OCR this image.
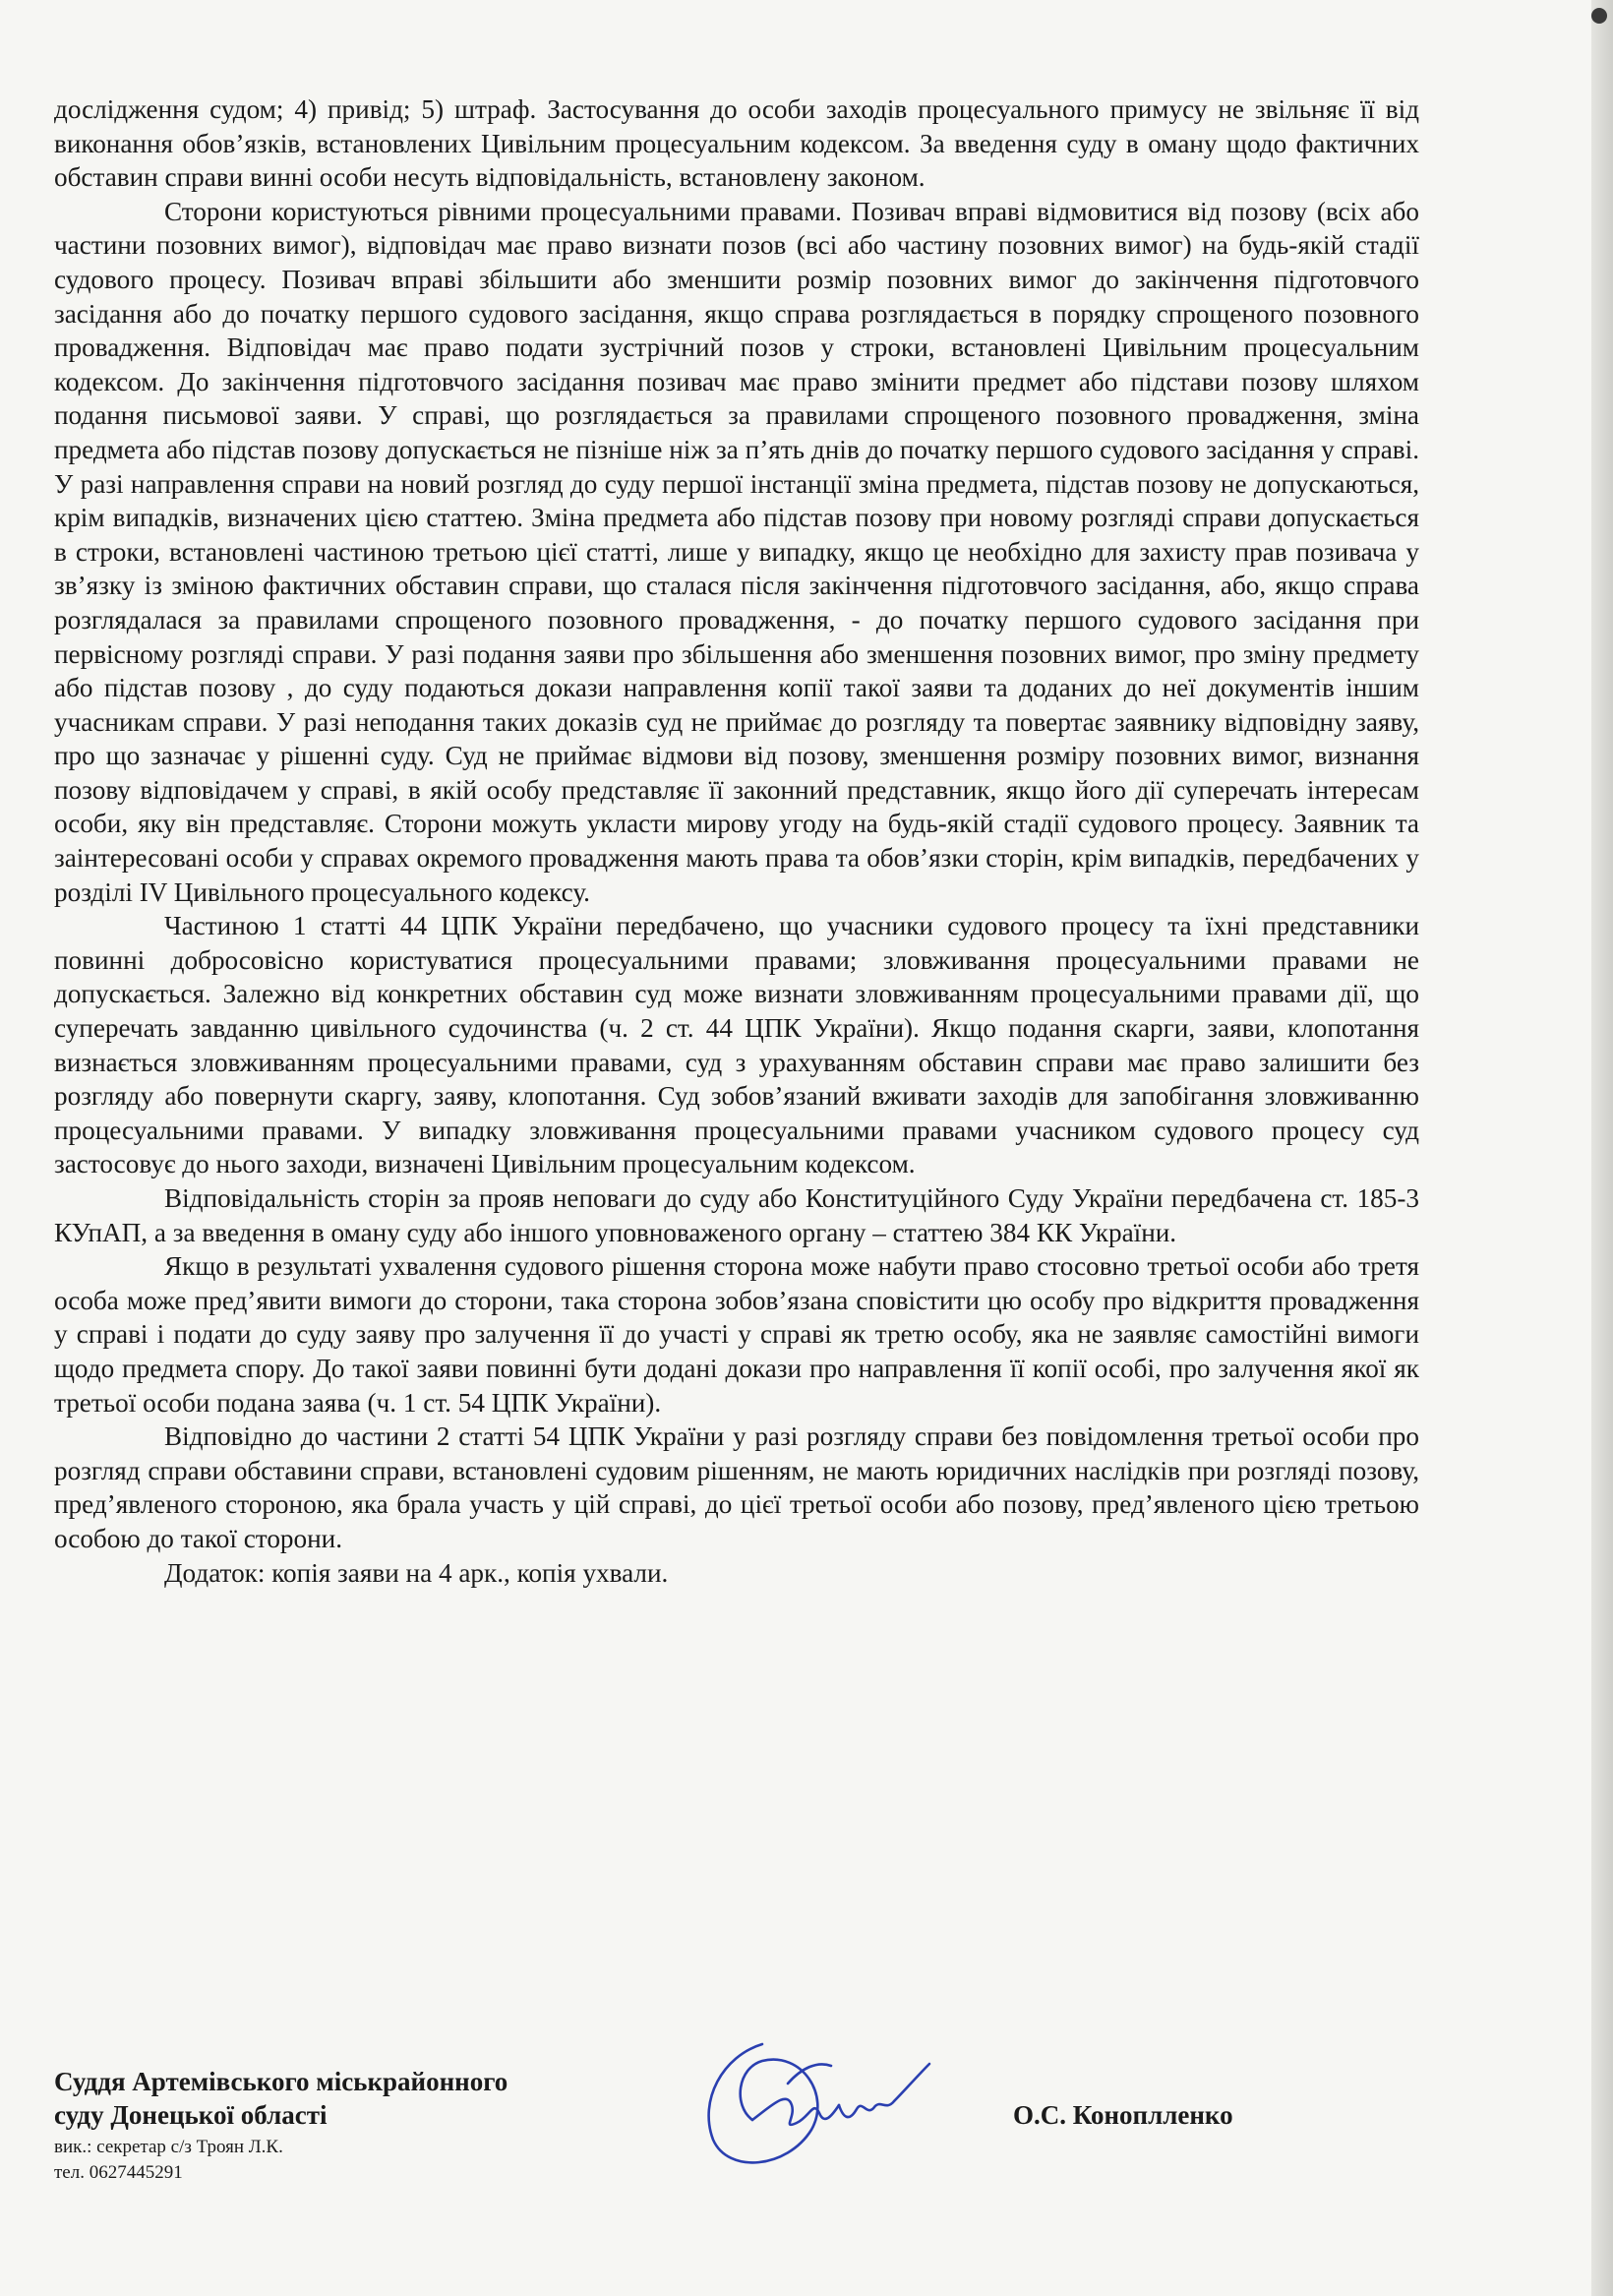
дослідження судом; 4) привід; 5) штраф. Застосування до особи заходів процесуального примусу не звільняє її від виконання обов’язків, встановлених Цивільним процесуальним кодексом. За введення суду в оману щодо фактичних обставин справи винні особи несуть відповідальність, встановлену законом.

Сторони користуються рівними процесуальними правами. Позивач вправі відмовитися від позову (всіх або частини позовних вимог), відповідач має право визнати позов (всі або частину позовних вимог) на будь-якій стадії судового процесу. Позивач вправі збільшити або зменшити розмір позовних вимог до закінчення підготовчого засідання або до початку першого судового засідання, якщо справа розглядається в порядку спрощеного позовного провадження. Відповідач має право подати зустрічний позов у строки, встановлені Цивільним процесуальним кодексом. До закінчення підготовчого засідання позивач має право змінити предмет або підстави позову шляхом подання письмової заяви. У справі, що розглядається за правилами спрощеного позовного провадження, зміна предмета або підстав позову допускається не пізніше ніж за п’ять днів до початку першого судового засідання у справі. У разі направлення справи на новий розгляд до суду першої інстанції зміна предмета, підстав позову не допускаються, крім випадків, визначених цією статтею. Зміна предмета або підстав позову при новому розгляді справи допускається в строки, встановлені частиною третьою цієї статті, лише у випадку, якщо це необхідно для захисту прав позивача у зв’язку із зміною фактичних обставин справи, що сталася після закінчення підготовчого засідання, або, якщо справа розглядалася за правилами спрощеного позовного провадження, - до початку першого судового засідання при первісному розгляді справи. У разі подання заяви про збільшення або зменшення позовних вимог, про зміну предмету або підстав позову , до суду подаються докази направлення копії такої заяви та доданих до неї документів іншим учасникам справи. У разі неподання таких доказів суд не приймає до розгляду та повертає заявнику відповідну заяву, про що зазначає у рішенні суду. Суд не приймає відмови від позову, зменшення розміру позовних вимог, визнання позову відповідачем у справі, в якій особу представляє її законний представник, якщо його дії суперечать інтересам особи, яку він представляє. Сторони можуть укласти мирову угоду на будь-якій стадії судового процесу. Заявник та заінтересовані особи у справах окремого провадження мають права та обов’язки сторін, крім випадків, передбачених у розділі IV Цивільного процесуального кодексу.

Частиною 1 статті 44 ЦПК України передбачено, що учасники судового процесу та їхні представники повинні добросовісно користуватися процесуальними правами; зловживання процесуальними правами не допускається. Залежно від конкретних обставин суд може визнати зловживанням процесуальними правами дії, що суперечать завданню цивільного судочинства (ч. 2 ст. 44 ЦПК України). Якщо подання скарги, заяви, клопотання визнається зловживанням процесуальними правами, суд з урахуванням обставин справи має право залишити без розгляду або повернути скаргу, заяву, клопотання. Суд зобов’язаний вживати заходів для запобігання зловживанню процесуальними правами. У випадку зловживання процесуальними правами учасником судового процесу суд застосовує до нього заходи, визначені Цивільним процесуальним кодексом.

Відповідальність сторін за прояв неповаги до суду або Конституційного Суду України передбачена ст. 185-3 КУпАП, а за введення в оману суду або іншого уповноваженого органу – статтею 384 КК України.

Якщо в результаті ухвалення судового рішення сторона може набути право стосовно третьої особи або третя особа може пред’явити вимоги до сторони, така сторона зобов’язана сповістити цю особу про відкриття провадження у справі і подати до суду заяву про залучення її до участі у справі як третю особу, яка не заявляє самостійні вимоги щодо предмета спору. До такої заяви повинні бути додані докази про направлення її копії особі, про залучення якої як третьої особи подана заява (ч. 1 ст. 54 ЦПК України).

Відповідно до частини 2 статті 54 ЦПК України у разі розгляду справи без повідомлення третьої особи про розгляд справи обставини справи, встановлені судовим рішенням, не мають юридичних наслідків при розгляді позову, пред’явленого стороною, яка брала участь у цій справі, до цієї третьої особи або позову, пред’явленого цією третьою особою до такої сторони.

Додаток: копія заяви на 4 арк., копія ухвали.

Суддя Артемівського міськрайонного
суду Донецької області	О.С. Коноплленко
вик.: секретар с/з Троян Л.К.
тел. 0627445291
